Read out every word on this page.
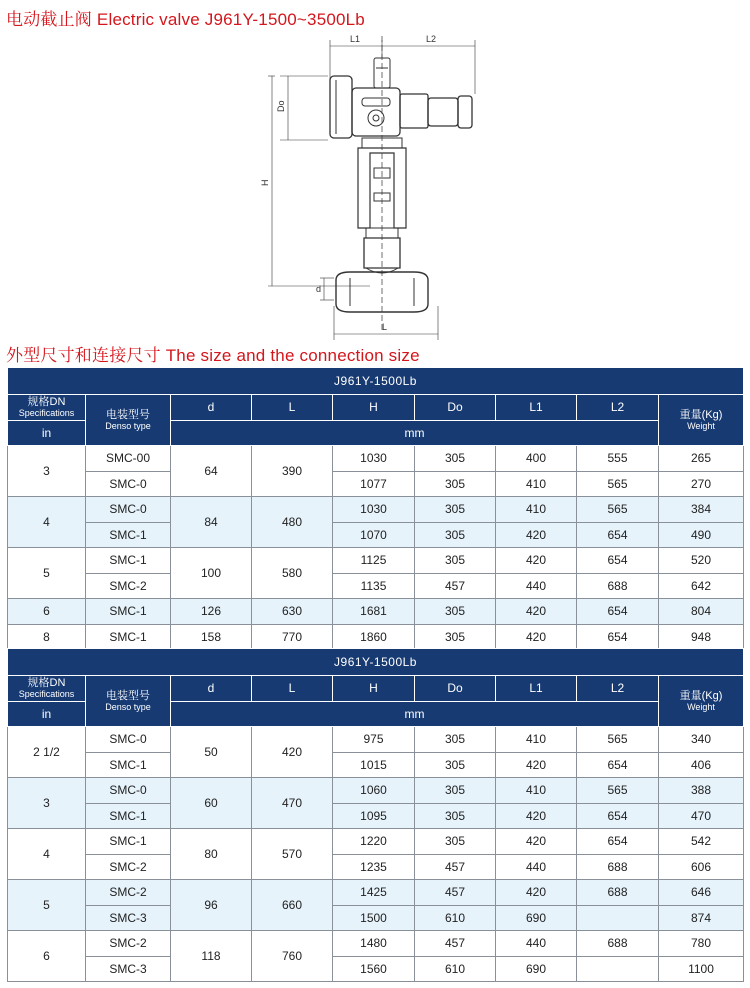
电动截止阀 Electric valve J961Y-1500~3500Lb
L1	L2
Do
H
d
L
外型尺寸和连接尺寸 The size and the connection size
J961Y-1500Lb								

规格DN
Specifications	电装型号
Denso type	d	L	H	Do	L1	L2	重量(Kg)
Weight

in		mm						
3	SMC-00	64	390	1030	305	400	555	265
	SMC-0			1077	305	410	565	270
4	SMC-0	84	480	1030	305	410	565	384
	SMC-1			1070	305	420	654	490
5	SMC-1	100	580	1125	305	420	654	520
	SMC-2			1135	457	440	688	642
6	SMC-1	126	630	1681	305	420	654	804
8	SMC-1	158	770	1860	305	420	654	948
J961Y-1500Lb								

规格DN
Specifications	电装型号
Denso type	d	L	H	Do	L1	L2	重量(Kg)
Weight

in		mm						
2 1/2	SMC-0	50	420	975	305	410	565	340
	SMC-1			1015	305	420	654	406
3	SMC-0	60	470	1060	305	410	565	388
	SMC-1			1095	305	420	654	470
4	SMC-1	80	570	1220	305	420	654	542
	SMC-2			1235	457	440	688	606
5	SMC-2	96	660	1425	457	420	688	646
	SMC-3			1500	610	690		874
6	SMC-2	118	760	1480	457	440	688	780
	SMC-3			1560	610	690		1100
